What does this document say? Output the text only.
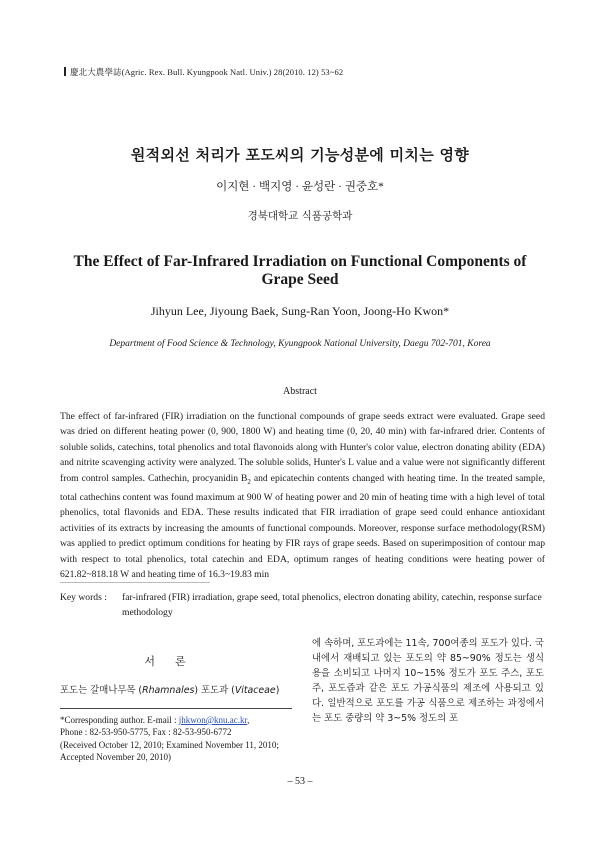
慶北大農學誌(Agric. Rex. Bull. Kyungpook Natl. Univ.) 28(2010. 12) 53~62
원적외선 처리가 포도씨의 기능성분에 미치는 영향
이지현 · 백지영 · 윤성란 · 권중호*
경북대학교 식품공학과
The Effect of Far-Infrared Irradiation on Functional Components of Grape Seed
Jihyun Lee, Jiyoung Baek, Sung-Ran Yoon, Joong-Ho Kwon*
Department of Food Science & Technology, Kyungpook National University, Daegu 702-701, Korea
Abstract
The effect of far-infrared (FIR) irradiation on the functional compounds of grape seeds extract were evaluated. Grape seed was dried on different heating power (0, 900, 1800 W) and heating time (0, 20, 40 min) with far-infrared drier. Contents of soluble solids, catechins, total phenolics and total flavonoids along with Hunter's color value, electron donating ability (EDA) and nitrite scavenging activity were analyzed. The soluble solids, Hunter's L value and a value were not significantly different from control samples. Cathechin, procyanidin $B_2$ and epicatechin contents changed with heating time. In the treated sample, total cathechins content was found maximum at 900 W of heating power and 20 min of heating time with a high level of total phenolics, total flavonids and EDA. These results indicated that FIR irradiation of grape seed could enhance antioxidant activities of its extracts by increasing the amounts of functional compounds. Moreover, response surface methodology(RSM) was applied to predict optimum conditions for heating by FIR rays of grape seeds. Based on superimposition of contour map with respect to total phenolics, total catechin and EDA, optimum ranges of heating conditions were heating power of 621.82~818.18 W and heating time of 16.3~19.83 min
Key words : far-infrared (FIR) irradiation, grape seed, total phenolics, electron donating ability, catechin, response surface methodology
서론
포도는 갈매나무목 (Rhamnales) 포도과 (Vitaceae)
*Corresponding author. E-mail : jhkwon@knu.ac.kr,
Phone : 82-53-950-5775, Fax : 82-53-950-6772
(Received October 12, 2010; Examined November 11, 2010;
Accepted November 20, 2010)
에 속하며, 포도과에는 11속, 700여종의 포도가 있다. 국내에서 재배되고 있는 포도의 약 85~90% 정도는 생식용을 소비되고 나머지 10~15% 정도가 포도 주스, 포도주, 포도즙과 같은 포도 가공식품의 제조에 사용되고 있다. 일반적으로 포도를 가공 식품으로 제조하는 과정에서는 포도 중량의 약 3~5% 정도의 포
– 53 –
